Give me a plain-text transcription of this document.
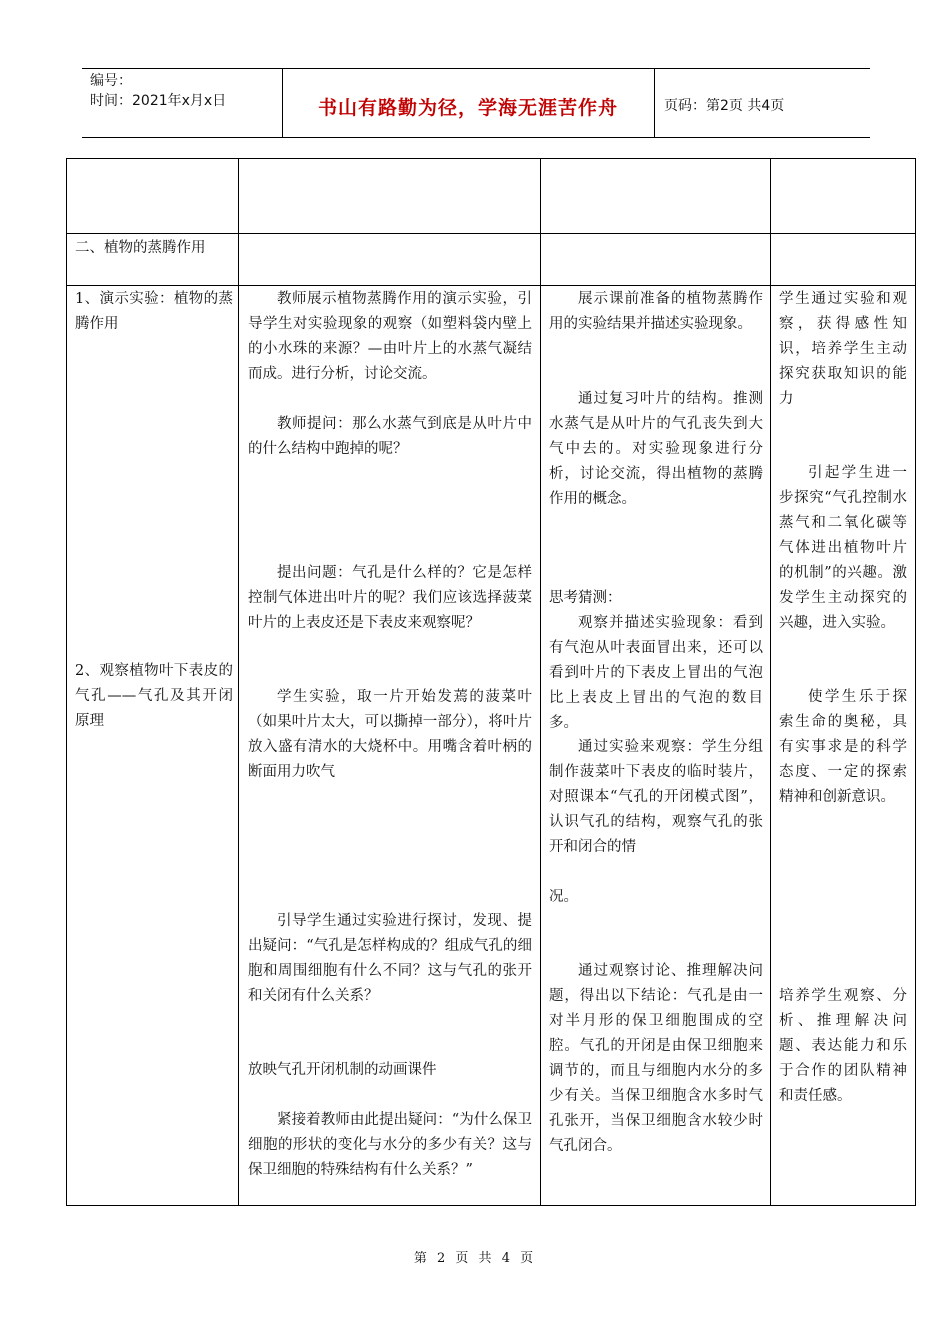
编号：
时间：2021年x月x日	书山有路勤为径，学海无涯苦作舟	页码：第2页 共4页
二、植物的蒸腾作用
1、演示实验：植物的蒸腾作用
2、观察植物叶下表皮的气孔——气孔及其开闭原理
教师展示植物蒸腾作用的演示实验，引导学生对实验现象的观察（如塑料袋内壁上的小水珠的来源？—由叶片上的水蒸气凝结而成。进行分析，讨论交流。
教师提问：那么水蒸气到底是从叶片中的什么结构中跑掉的呢？
提出问题：气孔是什么样的？它是怎样控制气体进出叶片的呢？我们应该选择菠菜叶片的上表皮还是下表皮来观察呢？
学生实验，取一片开始发蔫的菠菜叶（如果叶片太大，可以撕掉一部分），将叶片放入盛有清水的大烧杯中。用嘴含着叶柄的断面用力吹气
引导学生通过实验进行探讨，发现、提出疑问：“气孔是怎样构成的？组成气孔的细胞和周围细胞有什么不同？这与气孔的张开和关闭有什么关系？
放映气孔开闭机制的动画课件
紧接着教师由此提出疑问：“为什么保卫细胞的形状的变化与水分的多少有关？这与保卫细胞的特殊结构有什么关系？”
展示课前准备的植物蒸腾作用的实验结果并描述实验现象。
通过复习叶片的结构。推测水蒸气是从叶片的气孔丧失到大气中去的。对实验现象进行分析，讨论交流，得出植物的蒸腾作用的概念。
思考猜测：
观察并描述实验现象：看到有气泡从叶表面冒出来，还可以看到叶片的下表皮上冒出的气泡比上表皮上冒出的气泡的数目多。
通过实验来观察：学生分组制作菠菜叶下表皮的临时装片，对照课本“气孔的开闭模式图”，认识气孔的结构，观察气孔的张开和闭合的情
况。
通过观察讨论、推理解决问题，得出以下结论：气孔是由一对半月形的保卫细胞围成的空腔。气孔的开闭是由保卫细胞来调节的，而且与细胞内水分的多少有关。当保卫细胞含水多时气孔张开，当保卫细胞含水较少时气孔闭合。
学生通过实验和观察，获得感性知识，培养学生主动探究获取知识的能力
引起学生进一步探究“气孔控制水蒸气和二氧化碳等气体进出植物叶片的机制”的兴趣。激发学生主动探究的兴趣，进入实验。
使学生乐于探索生命的奥秘，具有实事求是的科学态度、一定的探索精神和创新意识。
培养学生观察、分析、推理解决问题、表达能力和乐于合作的团队精神和责任感。
第 2 页 共 4 页
